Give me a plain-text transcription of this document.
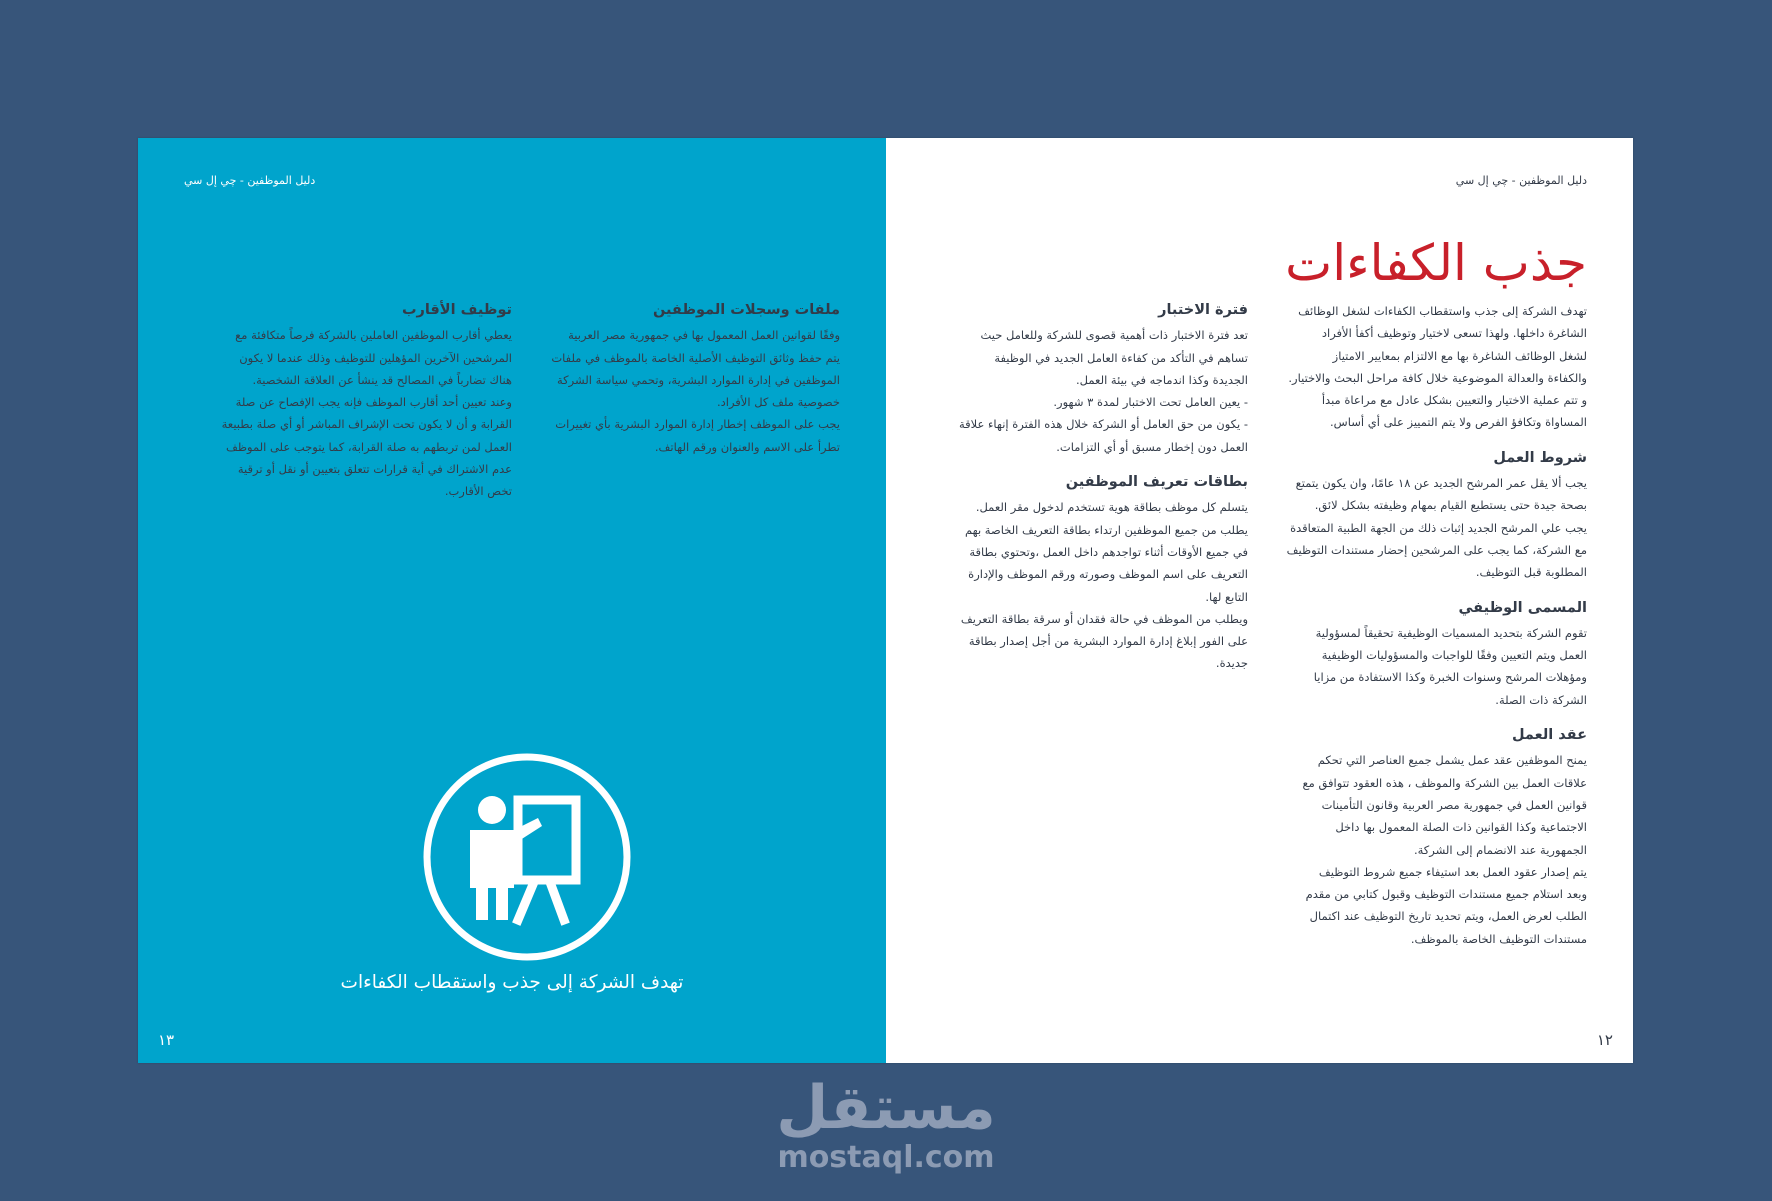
دليل الموظفين - چي إل سي
ملفات وسجلات الموظفين

وفقًا لقوانين العمل المعمول بها في جمهورية مصر العربية
يتم حفظ وثائق التوظيف الأصلية الخاصة بالموظف في ملفات
الموظفين في إدارة الموارد البشرية، وتحمي سياسة الشركة
خصوصية ملف كل الأفراد.
يجب على الموظف إخطار إدارة الموارد البشرية بأي تغييرات
تطرأ على الاسم والعنوان ورقم الهاتف.

توظيف الأقارب

يعطي أقارب الموظفين العاملين بالشركة فرصاً متكافئة مع
المرشحين الآخرين المؤهلين للتوظيف وذلك عندما لا يكون
هناك تضارباً في المصالح قد ينشأ عن العلاقة الشخصية.
وعند تعيين أحد أقارب الموظف فإنه يجب الإفصاح عن صلة
القرابة و أن لا يكون تحت الإشراف المباشر أو أي صلة بطبيعة
العمل لمن تربطهم به صلة القرابة، كما يتوجب على الموظف
عدم الاشتراك في أية قرارات تتعلق بتعيين أو نقل أو ترقية
تخص الأقارب.

تهدف الشركة إلى جذب واستقطاب الكفاءات
١٣
دليل الموظفين - چي إل سي
جذب الكفاءات

تهدف الشركة إلى جذب واستقطاب الكفاءات لشغل الوظائف
الشاغرة داخلها. ولهذا تسعى لاختيار وتوظيف أكفأ الأفراد
لشغل الوظائف الشاغرة بها مع الالتزام بمعايير الامتياز
والكفاءة والعدالة الموضوعية خلال كافة مراحل البحث والاختيار.
و تتم عملية الاختيار والتعيين بشكل عادل مع مراعاة مبدأ
المساواة وتكافؤ الفرص ولا يتم التمييز على أي أساس.

شروط العمل

يجب ألا يقل عمر المرشح الجديد عن ١٨ عامًا، وان يكون يتمتع
بصحة جيدة حتى يستطيع القيام بمهام وظيفته بشكل لائق.
يجب علي المرشح الجديد إثبات ذلك من الجهة الطبية المتعاقدة
مع الشركة، كما يجب على المرشحين إحضار مستندات التوظيف
المطلوبة قبل التوظيف.

المسمى الوظيفي

تقوم الشركة بتحديد المسميات الوظيفية تحقيقاً لمسؤولية
العمل ويتم التعيين وفقًا للواجبات والمسؤوليات الوظيفية
ومؤهلات المرشح وسنوات الخبرة وكذا الاستفادة من مزايا
الشركة ذات الصلة.

عقد العمل

يمنح الموظفين عقد عمل يشمل جميع العناصر التي تحكم
علاقات العمل بين الشركة والموظف ، هذه العقود تتوافق مع
قوانين العمل في جمهورية مصر العربية وقانون التأمينات
الاجتماعية وكذا القوانين ذات الصلة المعمول بها داخل
الجمهورية عند الانضمام إلى الشركة.
يتم إصدار عقود العمل بعد استيفاء جميع شروط التوظيف
وبعد استلام جميع مستندات التوظيف وقبول كتابي من مقدم
الطلب لعرض العمل، ويتم تحديد تاريخ التوظيف عند اكتمال
مستندات التوظيف الخاصة بالموظف.

فترة الاختبار

تعد فترة الاختبار ذات أهمية قصوى للشركة وللعامل حيث
تساهم في التأكد من كفاءة العامل الجديد في الوظيفة
الجديدة وكذا اندماجه في بيئة العمل.
- يعين العامل تحت الاختبار لمدة ٣ شهور.
- يكون من حق العامل أو الشركة خلال هذه الفترة إنهاء علاقة
العمل دون إخطار مسبق أو أي التزامات.

بطاقات تعريف الموظفين

يتسلم كل موظف بطاقة هوية تستخدم لدخول مقر العمل.
يطلب من جميع الموظفين ارتداء بطاقة التعريف الخاصة بهم
في جميع الأوقات أثناء تواجدهم داخل العمل ،وتحتوي بطاقة
التعريف على اسم الموظف وصورته ورقم الموظف والإدارة
التابع لها.
ويطلب من الموظف في حالة فقدان أو سرقة بطاقة التعريف
على الفور إبلاغ إدارة الموارد البشرية من أجل إصدار بطاقة
جديدة.

١٢
مستقل
mostaql.com
